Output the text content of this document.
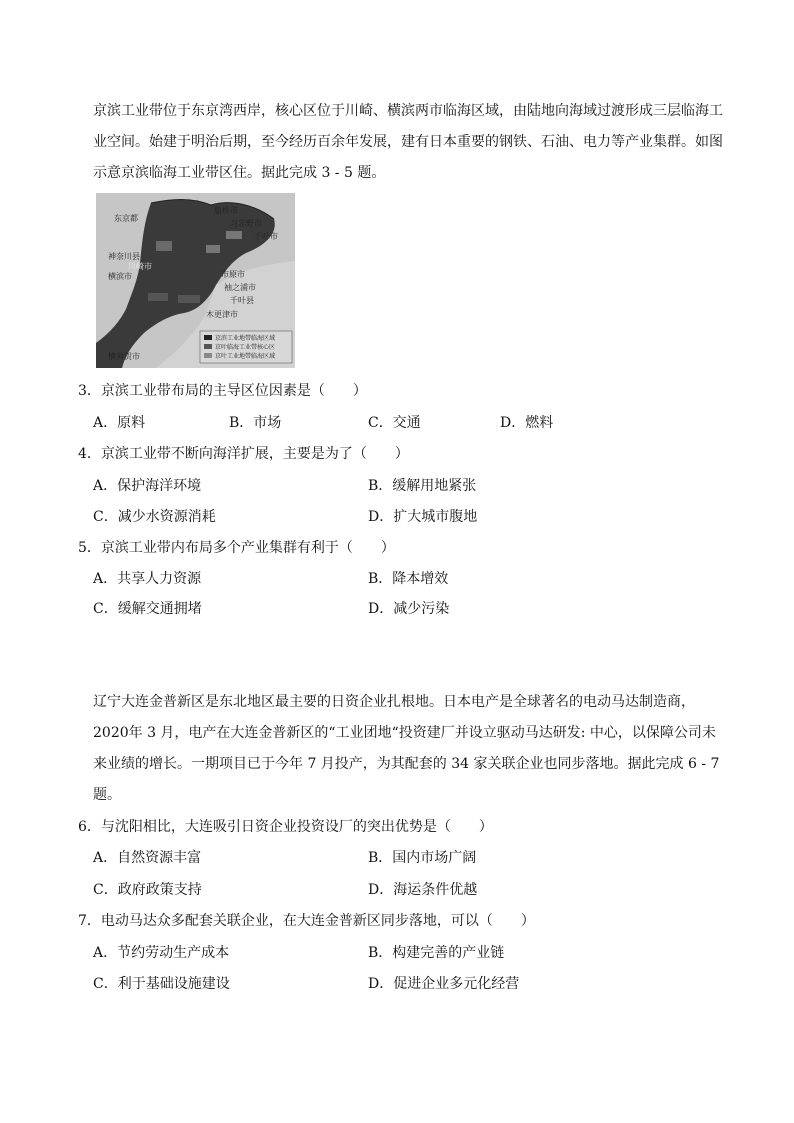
京滨工业带位于东京湾西岸，核心区位于川崎、横滨两市临海区域，由陆地向海域过渡形成三层临海工业空间。始建于明治后期，至今经历百余年发展，建有日本重要的钢铁、石油、电力等产业集群。如图示意京滨临海工业带区住。据此完成 3 - 5 题。
船桥市
东京都
习志野市
千叶市
神奈川县
川崎市
横滨市	市原市
袖之浦市
千叶县
木更津市
横须贺市
京滨工业地带临海区域
京叶临海工业带核心区
京叶工业地带临海区域
3．京滨工业带布局的主导区位因素是（　　）
A．原料	B．市场	C．交通	D．燃料
4．京滨工业带不断向海洋扩展，主要是为了（　　）
A．保护海洋环境	B．缓解用地紧张
C．减少水资源消耗	D．扩大城市腹地
5．京滨工业带内布局多个产业集群有利于（　　）
A．共享人力资源	B．降本增效
C．缓解交通拥堵	D．减少污染
辽宁大连金普新区是东北地区最主要的日资企业扎根地。日本电产是全球著名的电动马达制造商，2020年 3 月，电产在大连金普新区的“工业团地“投资建厂并设立驱动马达研发: 中心，以保障公司未来业绩的增长。一期项目已于今年 7 月投产，为其配套的 34 家关联企业也同步落地。据此完成 6 - 7 题。
6．与沈阳相比，大连吸引日资企业投资设厂的突出优势是（　　）
A．自然资源丰富	B．国内市场广阔
C．政府政策支持	D．海运条件优越
7．电动马达众多配套关联企业，在大连金普新区同步落地，可以（　　）
A．节约劳动生产成本	B．构建完善的产业链
C．利于基础设施建设	D．促进企业多元化经营
